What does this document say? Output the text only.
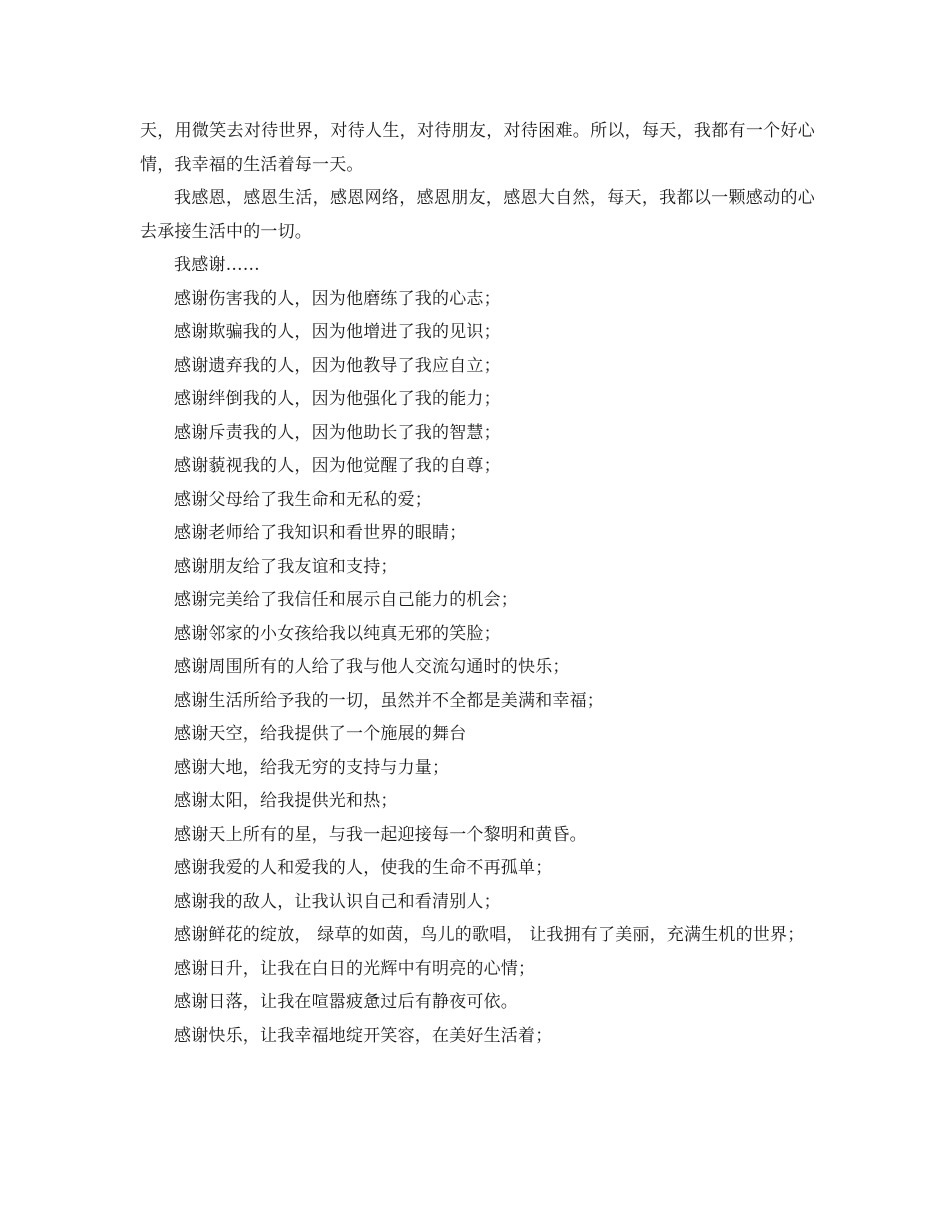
天，用微笑去对待世界，对待人生，对待朋友，对待困难。所以，每天，我都有一个好心情，我幸福的生活着每一天。

我感恩，感恩生活，感恩网络，感恩朋友，感恩大自然，每天，我都以一颗感动的心去承接生活中的一切。

我感谢……

感谢伤害我的人，因为他磨练了我的心志；

感谢欺骗我的人，因为他增进了我的见识；

感谢遗弃我的人，因为他教导了我应自立；

感谢绊倒我的人，因为他强化了我的能力；

感谢斥责我的人，因为他助长了我的智慧；

感谢藐视我的人，因为他觉醒了我的自尊；

感谢父母给了我生命和无私的爱；

感谢老师给了我知识和看世界的眼睛；

感谢朋友给了我友谊和支持；

感谢完美给了我信任和展示自己能力的机会；

感谢邻家的小女孩给我以纯真无邪的笑脸；

感谢周围所有的人给了我与他人交流勾通时的快乐；

感谢生活所给予我的一切，虽然并不全都是美满和幸福；

感谢天空，给我提供了一个施展的舞台

感谢大地，给我无穷的支持与力量；

感谢太阳，给我提供光和热；

感谢天上所有的星，与我一起迎接每一个黎明和黄昏。

感谢我爱的人和爱我的人，使我的生命不再孤单；

感谢我的敌人，让我认识自己和看清别人；

感谢鲜花的绽放， 绿草的如茵，鸟儿的歌唱， 让我拥有了美丽，充满生机的世界；

感谢日升，让我在白日的光辉中有明亮的心情；

感谢日落，让我在喧嚣疲惫过后有静夜可依。

感谢快乐，让我幸福地绽开笑容，在美好生活着；
